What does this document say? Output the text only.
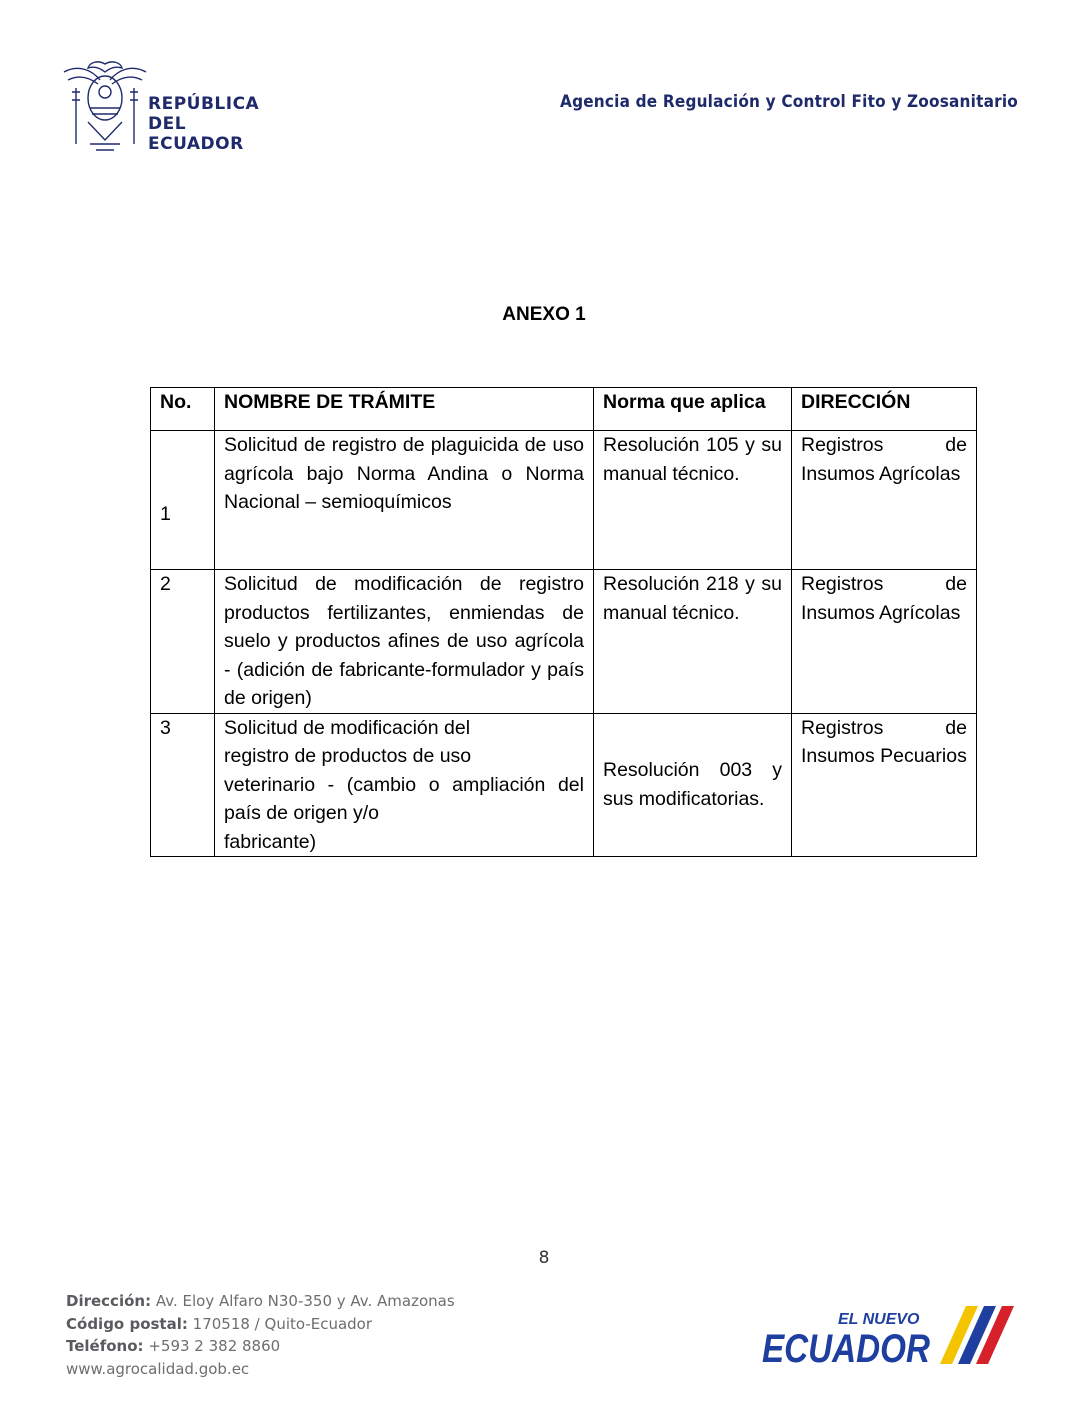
REPÚBLICA
DEL ECUADOR
Agencia de Regulación y Control Fito y Zoosanitario
ANEXO 1
No.	NOMBRE DE TRÁMITE	Norma que aplica	DIRECCIÓN
1	Solicitud de registro de plaguicida de uso agrícola bajo Norma Andina o Norma Nacional – semioquímicos	Resolución 105 y su manual técnico.	Registros de Insumos Agrícolas
2	Solicitud de modificación de registro productos fertilizantes, enmiendas de suelo y productos afines de uso agrícola - (adición de fabricante-formulador y país de origen)	Resolución 218 y su manual técnico.	Registros de Insumos Agrícolas
3	Solicitud de modificación del
registro de productos de uso
veterinario - (cambio o ampliación del país de origen y/o
fabricante)	Resolución 003 y sus modificatorias.	Registros de Insumos Pecuarios
8
Dirección: Av. Eloy Alfaro N30-350 y Av. Amazonas
Código postal: 170518 / Quito-Ecuador
Teléfono: +593 2 382 8860
www.agrocalidad.gob.ec
EL NUEVO
ECUADOR
